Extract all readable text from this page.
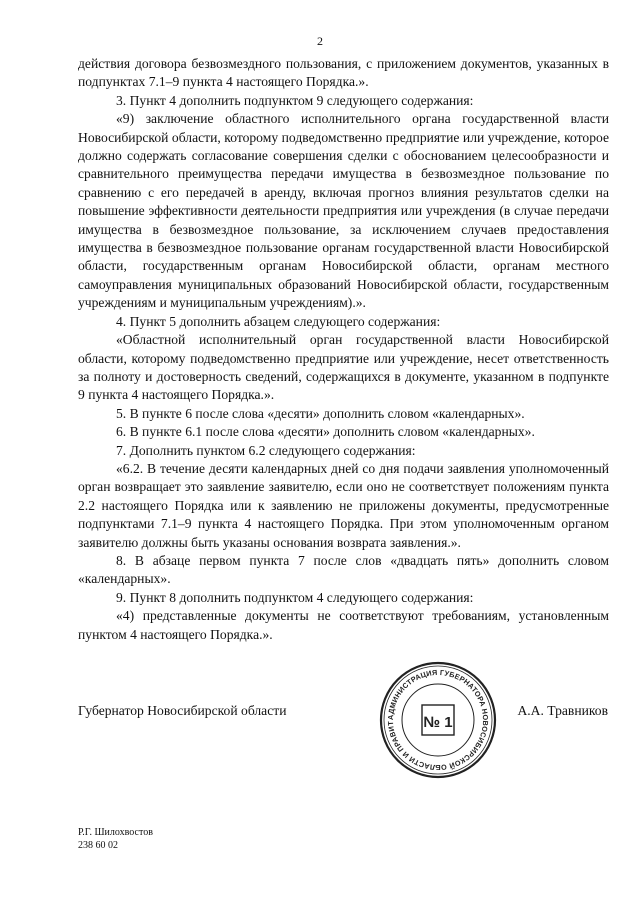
2

действия договора безвозмездного пользования, с приложением документов, указанных в подпунктах 7.1–9 пункта 4 настоящего Порядка.».

3. Пункт 4 дополнить подпунктом 9 следующего содержания:

«9) заключение областного исполнительного органа государственной власти Новосибирской области, которому подведомственно предприятие или учреждение, которое должно содержать согласование совершения сделки с обоснованием целесообразности и сравнительного преимущества передачи имущества в безвозмездное пользование по сравнению с его передачей в аренду, включая прогноз влияния результатов сделки на повышение эффективности деятельности предприятия или учреждения (в случае передачи имущества в безвозмездное пользование, за исключением случаев предоставления имущества в безвозмездное пользование органам государственной власти Новосибирской области, государственным органам Новосибирской области, органам местного самоуправления муниципальных образований Новосибирской области, государственным учреждениям и муниципальным учреждениям).».

4. Пункт 5 дополнить абзацем следующего содержания:

«Областной исполнительный орган государственной власти Новосибирской области, которому подведомственно предприятие или учреждение, несет ответственность за полноту и достоверность сведений, содержащихся в документе, указанном в подпункте 9 пункта 4 настоящего Порядка.».

5. В пункте 6 после слова «десяти» дополнить словом «календарных».

6. В пункте 6.1 после слова «десяти» дополнить словом «календарных».

7. Дополнить пунктом 6.2 следующего содержания:

«6.2. В течение десяти календарных дней со дня подачи заявления уполномоченный орган возвращает это заявление заявителю, если оно не соответствует положениям пункта 2.2 настоящего Порядка или к заявлению не приложены документы, предусмотренные подпунктами 7.1–9 пункта 4 настоящего Порядка. При этом уполномоченным органом заявителю должны быть указаны основания возврата заявления.».

8. В абзаце первом пункта 7 после слов «двадцать пять» дополнить словом «календарных».

9. Пункт 8 дополнить подпунктом 4 следующего содержания:

«4) представленные документы не соответствуют требованиям, установленным пунктом 4 настоящего Порядка.».

Губернатор Новосибирской области	А.А. Травников
АДМИНИСТРАЦИЯ ГУБЕРНАТОРА НОВОСИБИРСКОЙ ОБЛАСТИ И ПРАВИТ	№ 1
Р.Г. Шилохвостов
238 60 02
